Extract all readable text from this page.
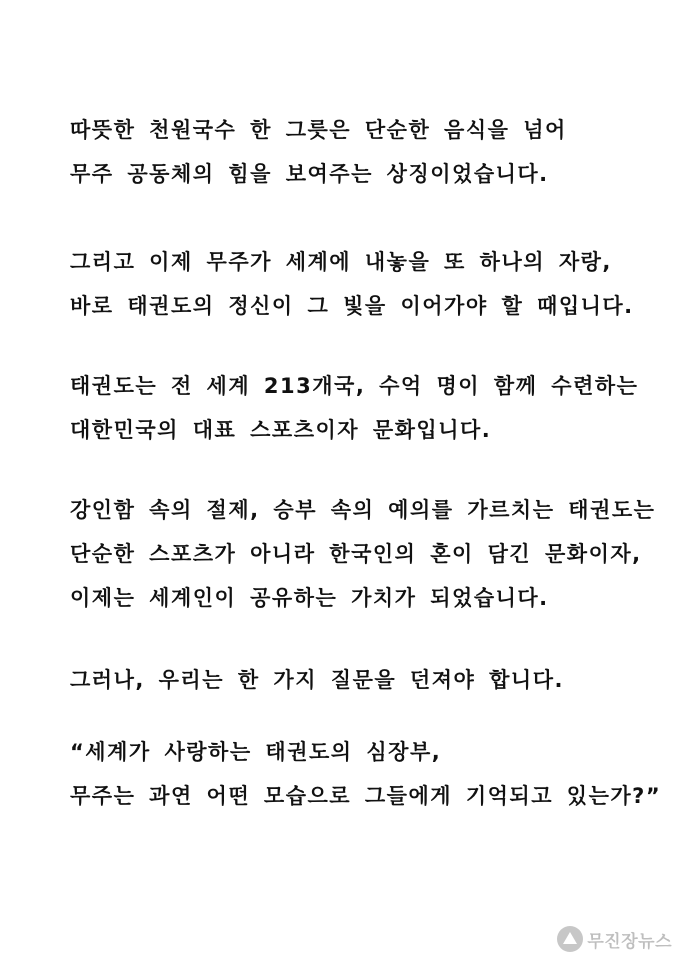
따뜻한 천원국수 한 그릇은 단순한 음식을 넘어
무주 공동체의 힘을 보여주는 상징이었습니다.
그리고 이제 무주가 세계에 내놓을 또 하나의 자랑,
바로 태권도의 정신이 그 빛을 이어가야 할 때입니다.
태권도는 전 세계 213개국, 수억 명이 함께 수련하는
대한민국의 대표 스포츠이자 문화입니다.
강인함 속의 절제, 승부 속의 예의를 가르치는 태권도는
단순한 스포츠가 아니라 한국인의 혼이 담긴 문화이자,
이제는 세계인이 공유하는 가치가 되었습니다.
그러나, 우리는 한 가지 질문을 던져야 합니다.
“세계가 사랑하는 태권도의 심장부,
무주는 과연 어떤 모습으로 그들에게 기억되고 있는가?”
무진장뉴스
